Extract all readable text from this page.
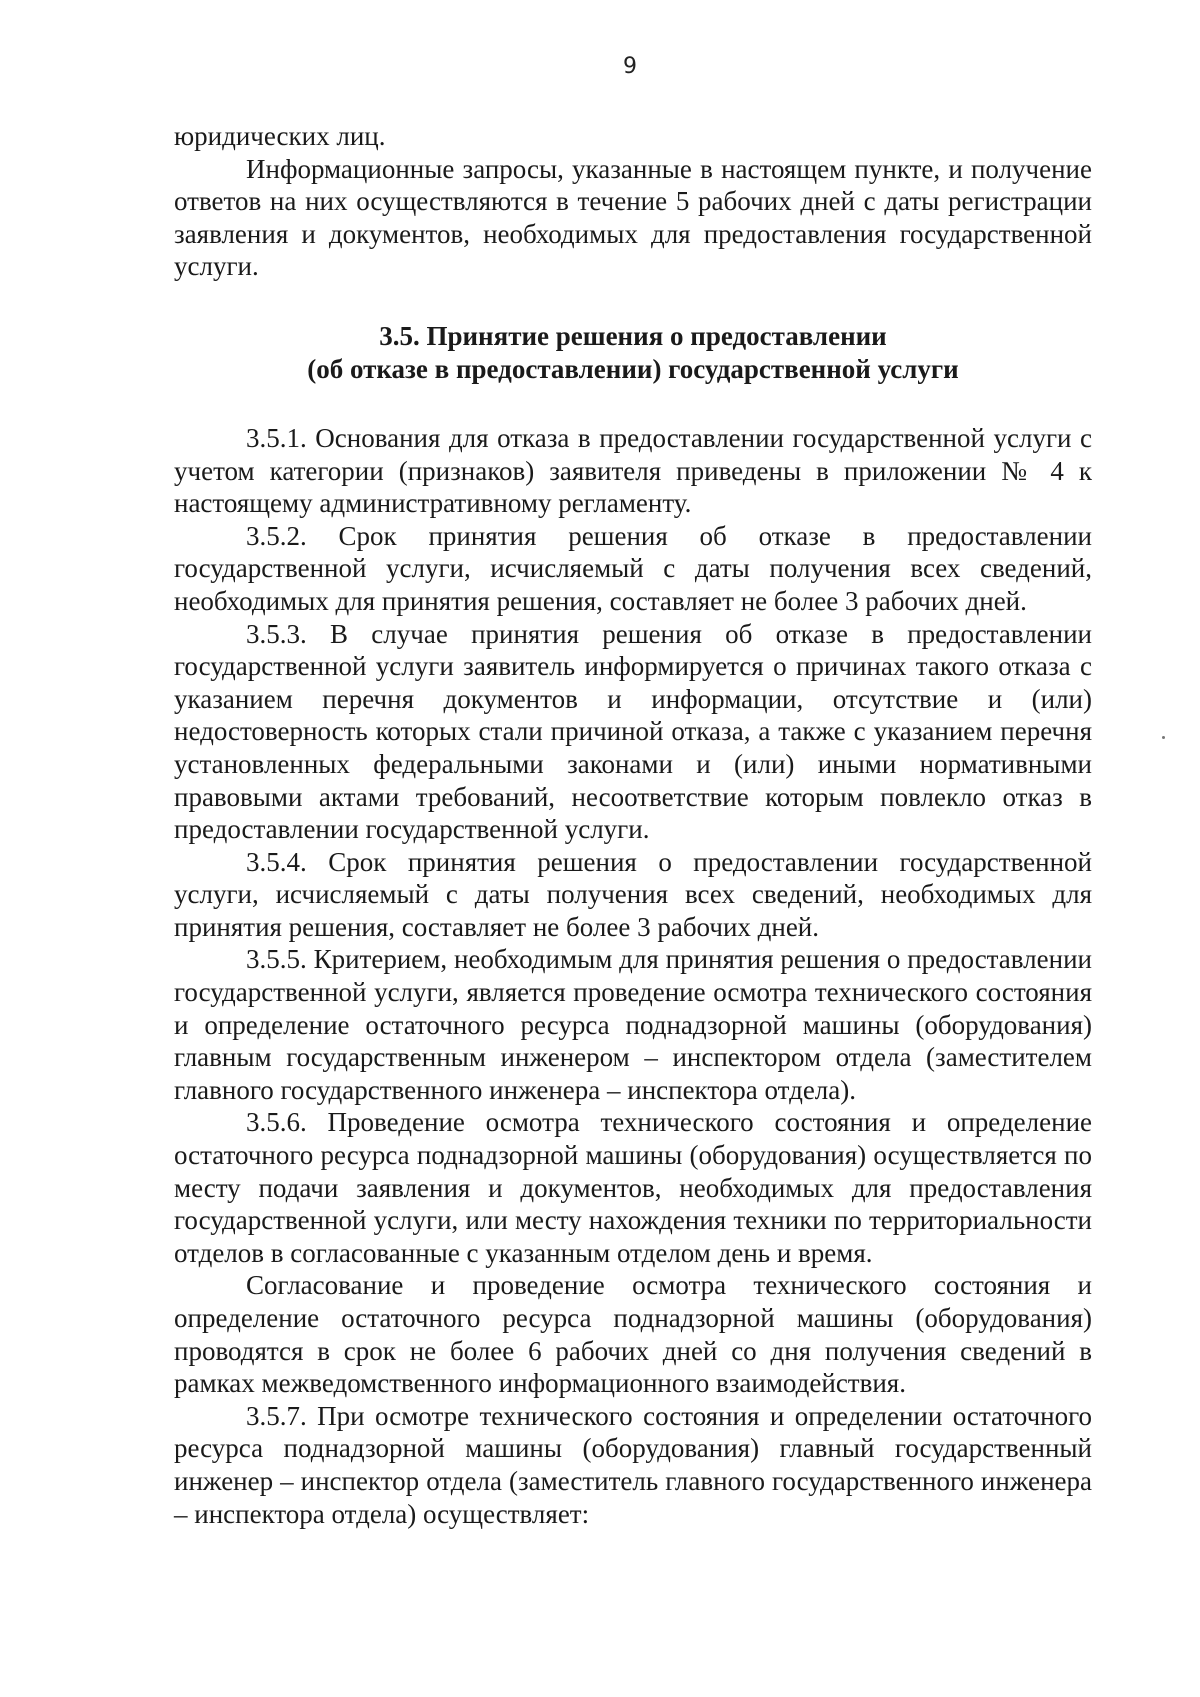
9

юридических лиц.

Информационные запросы, указанные в настоящем пункте, и получение ответов на них осуществляются в течение 5 рабочих дней с даты регистрации заявления и документов, необходимых для предоставления государственной услуги.

3.5. Принятие решения о предоставлении
(об отказе в предоставлении) государственной услуги

3.5.1. Основания для отказа в предоставлении государственной услуги с учетом категории (признаков) заявителя приведены в приложении № 4 к настоящему административному регламенту.

3.5.2. Срок принятия решения об отказе в предоставлении государственной услуги, исчисляемый с даты получения всех сведений, необходимых для принятия решения, составляет не более 3 рабочих дней.

3.5.3. В случае принятия решения об отказе в предоставлении государственной услуги заявитель информируется о причинах такого отказа с указанием перечня документов и информации, отсутствие и (или) недостоверность которых стали причиной отказа, а также с указанием перечня установленных федеральными законами и (или) иными нормативными правовыми актами требований, несоответствие которым повлекло отказ в предоставлении государственной услуги.

3.5.4. Срок принятия решения о предоставлении государственной услуги, исчисляемый с даты получения всех сведений, необходимых для принятия решения, составляет не более 3 рабочих дней.

3.5.5. Критерием, необходимым для принятия решения о предоставлении государственной услуги, является проведение осмотра технического состояния и определение остаточного ресурса поднадзорной машины (оборудования) главным государственным инженером – инспектором отдела (заместителем главного государственного инженера – инспектора отдела).

3.5.6. Проведение осмотра технического состояния и определение остаточного ресурса поднадзорной машины (оборудования) осуществляется по месту подачи заявления и документов, необходимых для предоставления государственной услуги, или месту нахождения техники по территориальности отделов в согласованные с указанным отделом день и время.

Согласование и проведение осмотра технического состояния и определение остаточного ресурса поднадзорной машины (оборудования) проводятся в срок не более 6 рабочих дней со дня получения сведений в рамках межведомственного информационного взаимодействия.

3.5.7. При осмотре технического состояния и определении остаточного ресурса поднадзорной машины (оборудования) главный государственный инженер – инспектор отдела (заместитель главного государственного инженера – инспектора отдела) осуществляет:
